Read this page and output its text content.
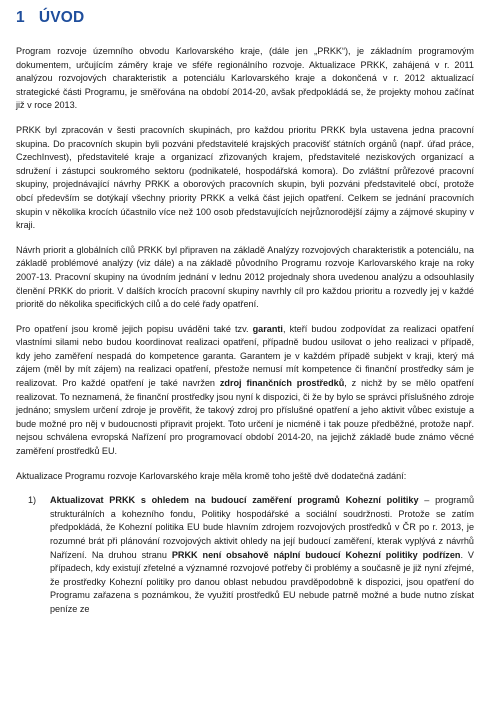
1 ÚVOD

Program rozvoje územního obvodu Karlovarského kraje, (dále jen „PRKK“), je základním programovým dokumentem, určujícím záměry kraje ve sféře regionálního rozvoje. Aktualizace PRKK, zahájená v r. 2011 analýzou rozvojových charakteristik a potenciálu Karlovarského kraje a dokončená v r. 2012 aktualizací strategické části Programu, je směřována na období 2014-20, avšak předpokládá se, že projekty mohou začínat již v roce 2013.

PRKK byl zpracován v šesti pracovních skupinách, pro každou prioritu PRKK byla ustavena jedna pracovní skupina. Do pracovních skupin byli pozváni představitelé krajských pracovišť státních orgánů (např. úřad práce, CzechInvest), představitelé kraje a organizací zřizovaných krajem, představitelé neziskových organizací a sdružení i zástupci soukromého sektoru (podnikatelé, hospodářská komora). Do zvláštní průřezové pracovní skupiny, projednávající návrhy PRKK a oborových pracovních skupin, byli pozváni představitelé obcí, protože obcí především se dotýkají všechny priority PRKK a velká část jejich opatření. Celkem se jednání pracovních skupin v několika krocích účastnilo více než 100 osob představujících nejrůznorodější zájmy a zájmové skupiny v kraji.

Návrh priorit a globálních cílů PRKK byl připraven na základě Analýzy rozvojových charakteristik a potenciálu, na základě problémové analýzy (viz dále) a na základě původního Programu rozvoje Karlovarského kraje na roky 2007-13. Pracovní skupiny na úvodním jednání v lednu 2012 projednaly shora uvedenou analýzu a odsouhlasily členění PRKK do priorit. V dalších krocích pracovní skupiny navrhly cíl pro každou prioritu a rozvedly jej v každé prioritě do několika specifických cílů a do celé řady opatření.

Pro opatření jsou kromě jejich popisu uváděni také tzv. garanti, kteří budou zodpovídat za realizaci opatření vlastními silami nebo budou koordinovat realizaci opatření, případně budou usilovat o jeho realizaci v případě, kdy jeho zaměření nespadá do kompetence garanta. Garantem je v každém případě subjekt v kraji, který má zájem (měl by mít zájem) na realizaci opatření, přestože nemusí mít kompetence či finanční prostředky sám je realizovat. Pro každé opatření je také navržen zdroj finančních prostředků, z nichž by se mělo opatření realizovat. To neznamená, že finanční prostředky jsou nyní k dispozici, či že by bylo se správci příslušného zdroje jednáno; smyslem určení zdroje je prověřit, že takový zdroj pro příslušné opatření a jeho aktivit vůbec existuje a bude možné pro něj v budoucnosti připravit projekt. Toto určení je nicméně i tak pouze předběžné, protože např. nejsou schválena evropská Nařízení pro programovací období 2014-20, na jejichž základě bude známo věcné zaměření prostředků EU.

Aktualizace Programu rozvoje Karlovarského kraje měla kromě toho ještě dvě dodatečná zadání:

1)	Aktualizovat PRKK s ohledem na budoucí zaměření programů Kohezní politiky – programů strukturálních a kohezního fondu, Politiky hospodářské a sociální soudržnosti. Protože se zatím předpokládá, že Kohezní politika EU bude hlavním zdrojem rozvojových prostředků v ČR po r. 2013, je rozumné brát při plánování rozvojových aktivit ohledy na její budoucí zaměření, kterak vyplývá z návrhů Nařízení. Na druhou stranu PRKK není obsahově náplní budoucí Kohezní politiky podřízen. V případech, kdy existují zřetelné a významné rozvojové potřeby či problémy a současně je již nyní zřejmé, že prostředky Kohezní politiky pro danou oblast nebudou pravděpodobně k dispozici, jsou opatření do Programu zařazena s poznámkou, že využití prostředků EU nebude patrně možné a bude nutno získat peníze ze
